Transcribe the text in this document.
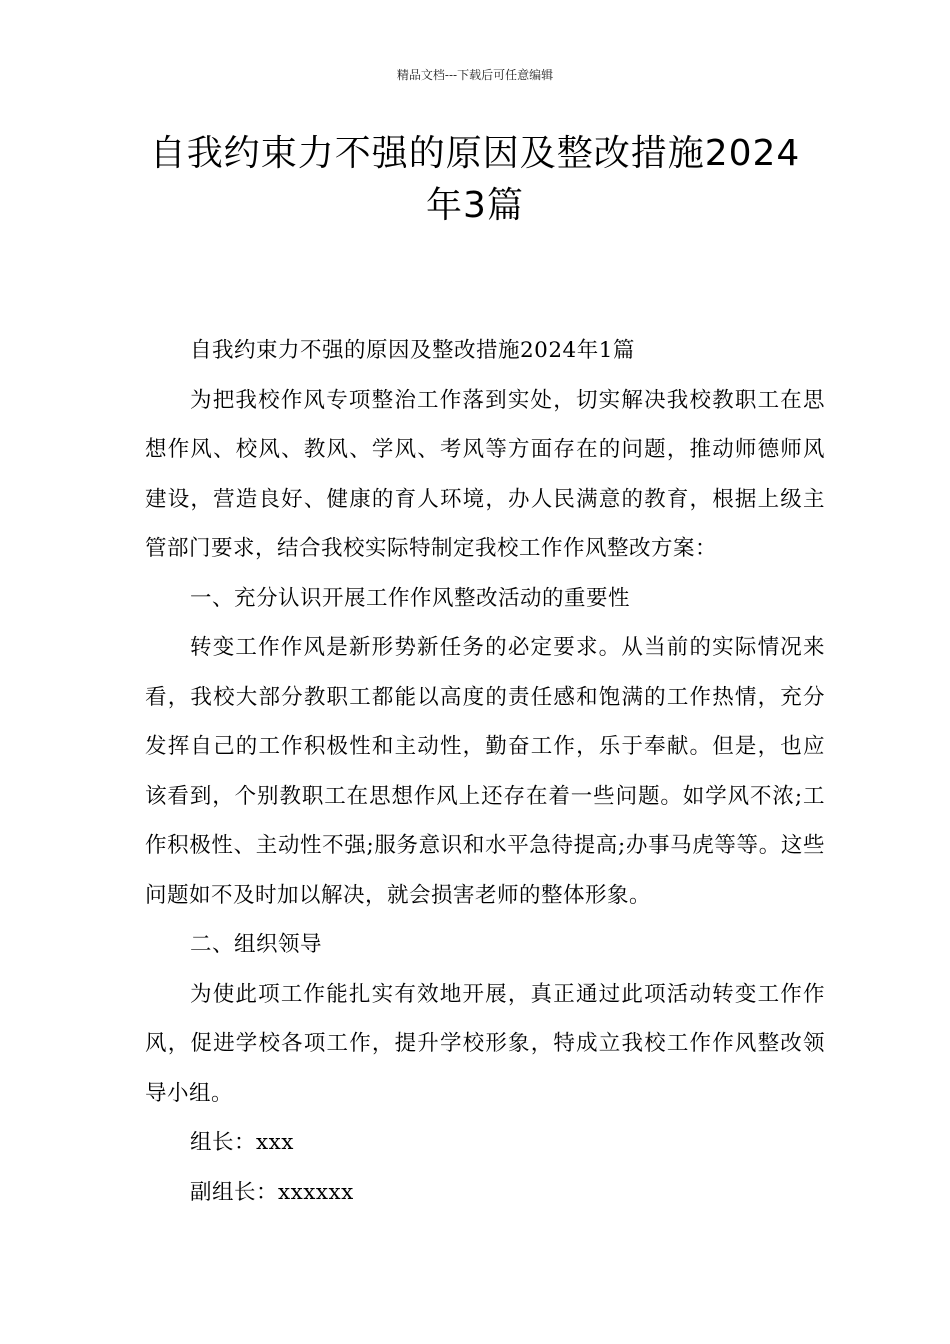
精品文档---下载后可任意编辑
自我约束力不强的原因及整改措施2024
年3篇

自我约束力不强的原因及整改措施2024年1篇

为把我校作风专项整治工作落到实处，切实解决我校教职工在思想作风、校风、教风、学风、考风等方面存在的问题，推动师德师风建设，营造良好、健康的育人环境，办人民满意的教育，根据上级主管部门要求，结合我校实际特制定我校工作作风整改方案：

一、充分认识开展工作作风整改活动的重要性

转变工作作风是新形势新任务的必定要求。从当前的实际情况来看，我校大部分教职工都能以高度的责任感和饱满的工作热情，充分发挥自己的工作积极性和主动性，勤奋工作，乐于奉献。但是，也应该看到，个别教职工在思想作风上还存在着一些问题。如学风不浓;工作积极性、主动性不强;服务意识和水平急待提高;办事马虎等等。这些问题如不及时加以解决，就会损害老师的整体形象。

二、组织领导

为使此项工作能扎实有效地开展，真正通过此项活动转变工作作风，促进学校各项工作，提升学校形象，特成立我校工作作风整改领导小组。

组长：xxx

副组长：xxxxxx
